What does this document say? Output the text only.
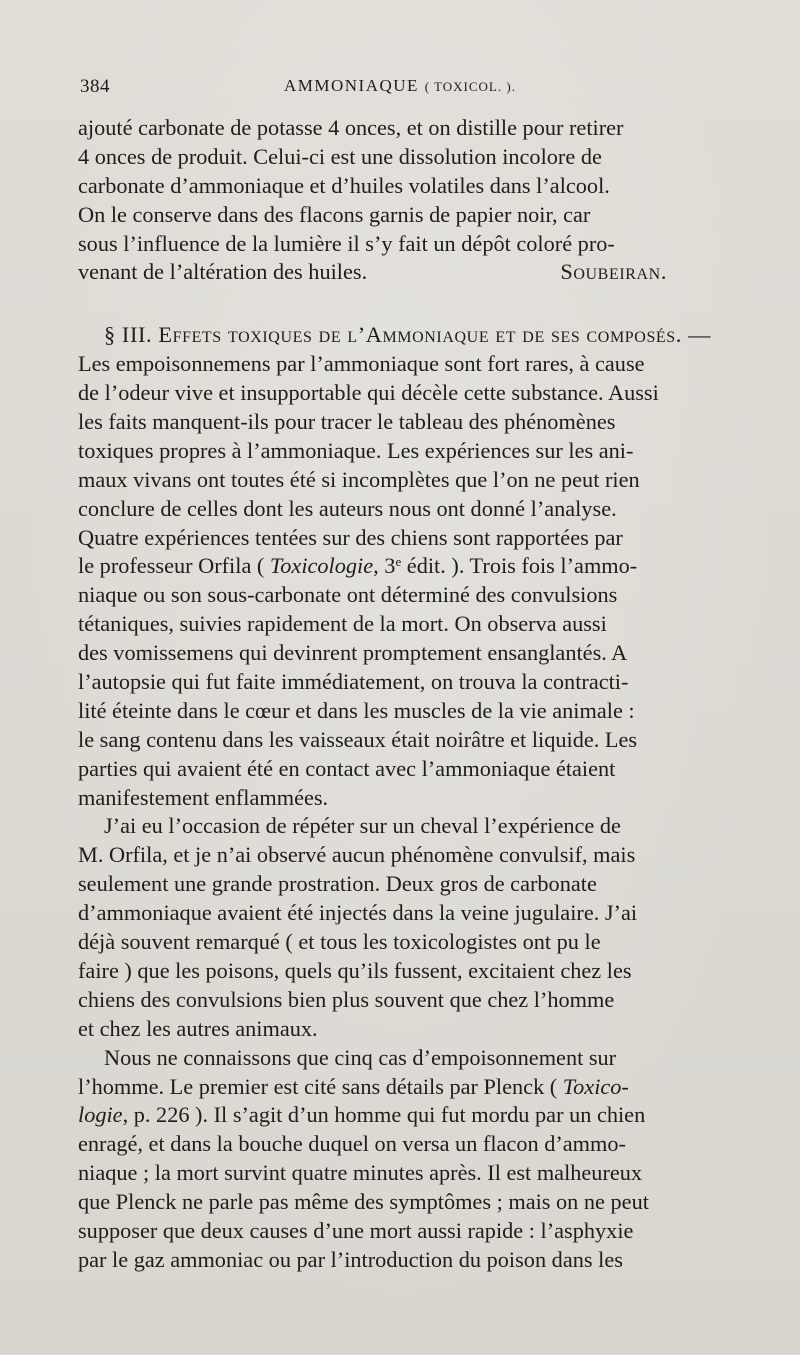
384	AMMONIAQUE ( TOXICOL. ).
ajouté carbonate de potasse 4 onces, et on distille pour retirer
4 onces de produit. Celui-ci est une dissolution incolore de
carbonate d’ammoniaque et d’huiles volatiles dans l’alcool.
On le conserve dans des flacons garnis de papier noir, car
sous l’influence de la lumière il s’y fait un dépôt coloré pro-
venant de l’altération des huiles.	Soubeiran.
§ III. Effets toxiques de l’Ammoniaque et de ses composés. —
Les empoisonnemens par l’ammoniaque sont fort rares, à cause
de l’odeur vive et insupportable qui décèle cette substance. Aussi
les faits manquent-ils pour tracer le tableau des phénomènes
toxiques propres à l’ammoniaque. Les expériences sur les ani-
maux vivans ont toutes été si incomplètes que l’on ne peut rien
conclure de celles dont les auteurs nous ont donné l’analyse.
Quatre expériences tentées sur des chiens sont rapportées par
le professeur Orfila ( Toxicologie, 3e édit. ). Trois fois l’ammo-
niaque ou son sous-carbonate ont déterminé des convulsions
tétaniques, suivies rapidement de la mort. On observa aussi
des vomissemens qui devinrent promptement ensanglantés. A
l’autopsie qui fut faite immédiatement, on trouva la contracti-
lité éteinte dans le cœur et dans les muscles de la vie animale :
le sang contenu dans les vaisseaux était noirâtre et liquide. Les
parties qui avaient été en contact avec l’ammoniaque étaient
manifestement enflammées.
J’ai eu l’occasion de répéter sur un cheval l’expérience de
M. Orfila, et je n’ai observé aucun phénomène convulsif, mais
seulement une grande prostration. Deux gros de carbonate
d’ammoniaque avaient été injectés dans la veine jugulaire. J’ai
déjà souvent remarqué ( et tous les toxicologistes ont pu le
faire ) que les poisons, quels qu’ils fussent, excitaient chez les
chiens des convulsions bien plus souvent que chez l’homme
et chez les autres animaux.
Nous ne connaissons que cinq cas d’empoisonnement sur
l’homme. Le premier est cité sans détails par Plenck ( Toxico-
logie, p. 226 ). Il s’agit d’un homme qui fut mordu par un chien
enragé, et dans la bouche duquel on versa un flacon d’ammo-
niaque ; la mort survint quatre minutes après. Il est malheureux
que Plenck ne parle pas même des symptômes ; mais on ne peut
supposer que deux causes d’une mort aussi rapide : l’asphyxie
par le gaz ammoniac ou par l’introduction du poison dans les
